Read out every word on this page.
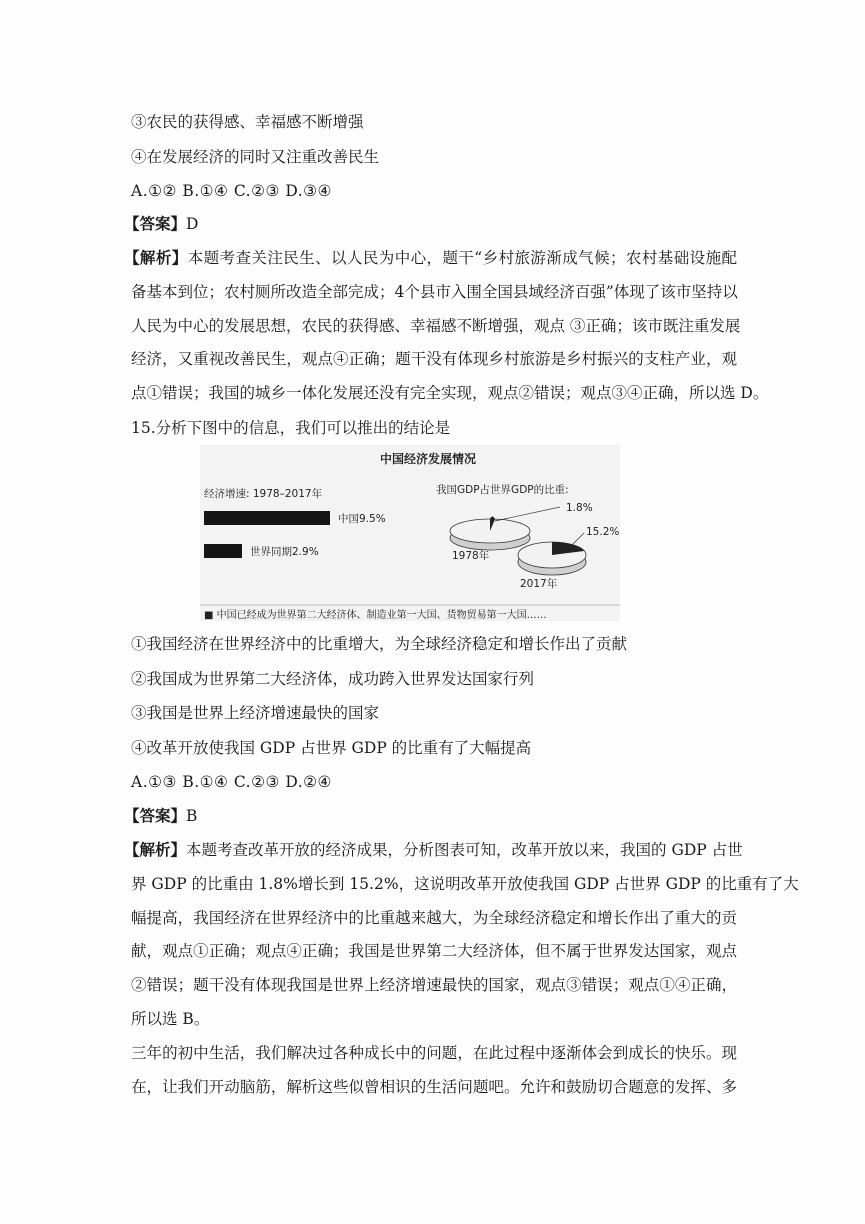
③农民的获得感、幸福感不断增强
④在发展经济的同时又注重改善民生
A.①② B.①④ C.②③ D.③④
【答案】D
【解析】本题考查关注民生、以人民为中心，题干“乡村旅游渐成气候；农村基础设施配
备基本到位；农村厕所改造全部完成；4个县市入围全国县域经济百强”体现了该市坚持以
人民为中心的发展思想，农民的获得感、幸福感不断增强，观点 ③正确；该市既注重发展
经济，又重视改善民生，观点④正确；题干没有体现乡村旅游是乡村振兴的支柱产业，观
点①错误；我国的城乡一体化发展还没有完全实现，观点②错误；观点③④正确，所以选 D。
15.分析下图中的信息，我们可以推出的结论是
中国经济发展情况
经济增速: 1978–2017年
中国9.5%
世界同期2.9%
我国GDP占世界GDP的比重:
1.8%
1978年
15.2%
2017年
■ 中国已经成为世界第二大经济体、制造业第一大国、货物贸易第一大国……
①我国经济在世界经济中的比重增大，为全球经济稳定和增长作出了贡献
②我国成为世界第二大经济体，成功跨入世界发达国家行列
③我国是世界上经济增速最快的国家
④改革开放使我国 GDP 占世界 GDP 的比重有了大幅提高
A.①③ B.①④ C.②③ D.②④
【答案】B
【解析】本题考查改革开放的经济成果，分析图表可知，改革开放以来，我国的 GDP 占世
界 GDP 的比重由 1.8%增长到 15.2%，这说明改革开放使我国 GDP 占世界 GDP 的比重有了大
幅提高，我国经济在世界经济中的比重越来越大，为全球经济稳定和增长作出了重大的贡
献，观点①正确；观点④正确；我国是世界第二大经济体，但不属于世界发达国家，观点
②错误；题干没有体现我国是世界上经济增速最快的国家，观点③错误；观点①④正确，
所以选 B。
三年的初中生活，我们解决过各种成长中的问题，在此过程中逐渐体会到成长的快乐。现
在，让我们开动脑筋，解析这些似曾相识的生活问题吧。允许和鼓励切合题意的发挥、多
